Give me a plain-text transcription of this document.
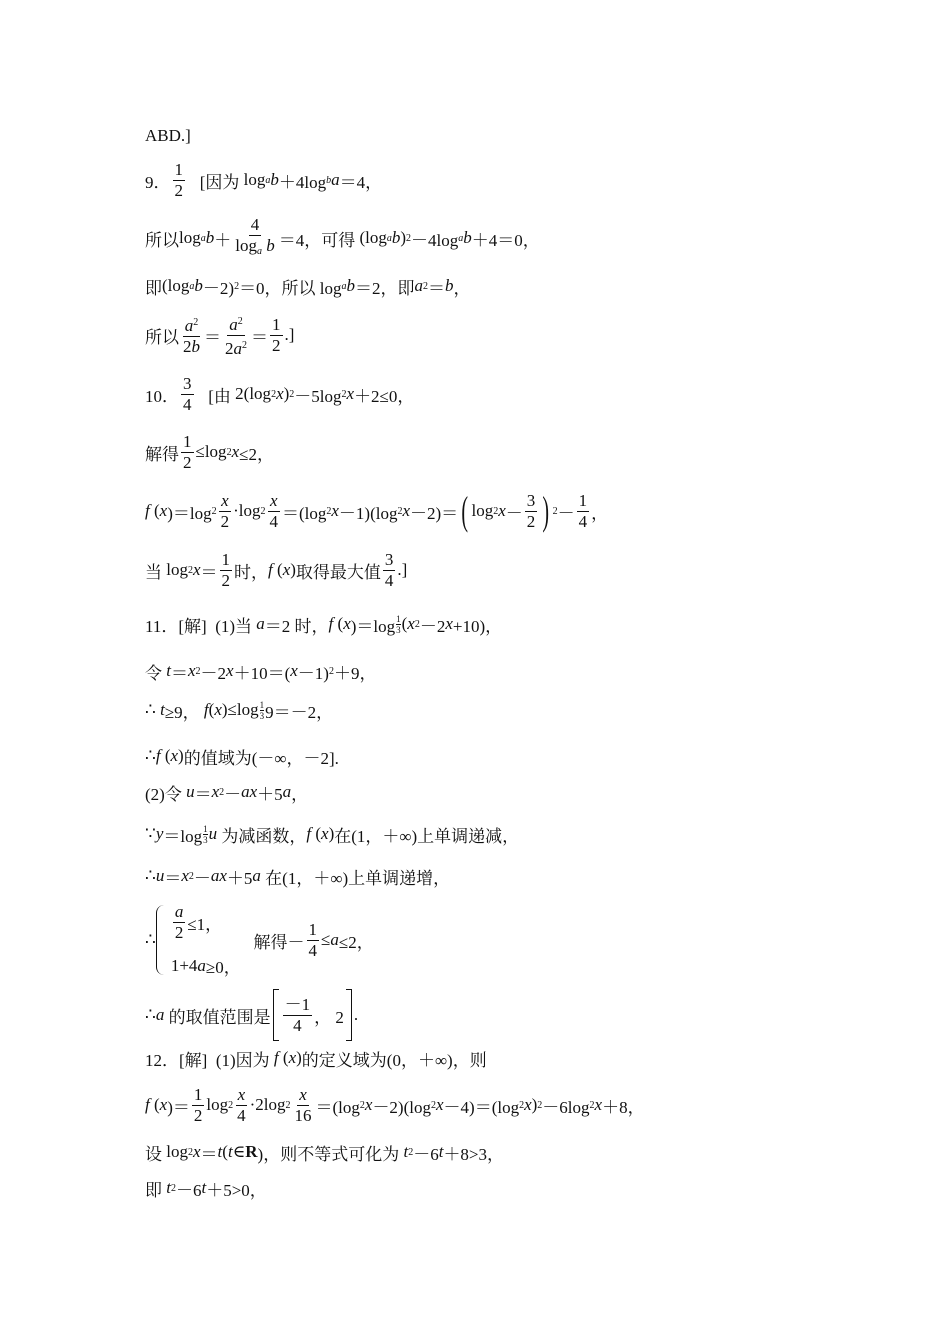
ABD.]
9． $\frac{1}{2}$
[因为 log a b ＋4log b a ＝4，
所以 log a $b + \frac{4}{\log_a b} =4$， 可得 (log a b ) 2 －4log a b ＋4＝0，
即 (log a b －2) 2 ＝0，所以 log a b ＝2，即 a 2 ＝ b ，
所以 $\frac{a^2}{2b} = \frac{a^2}{2a^2} = \frac{1}{2}$ .]
10． $\frac{3}{4}$
[由 2(log 2 x ) 2 －5log 2 x ＋2≤0，
解得 $\frac{1}{2} \le\log$ 2 x ≤2，
f ( x )＝log $2 \frac{x}{2} \cdot\log$ $2 \frac{x}{4} =(\log$ 2 x －1)(log 2 x －2)＝ ( log 2 $x - \frac{3}{2}$ ) $2 - \frac{1}{4}$ ，
当 log 2 $x = \frac{1}{2}$ 时， f ( x ) 取得最大值 $\frac{3}{4}$ .]
11．[解]
(1)当
a ＝2 时， f ( x )＝log 1
3 ( x 2 －2 x +10)，
令
t ＝ x 2 －2 x ＋10＝( x －1) 2 ＋9，
∴ t ≥9， f ( x )≤log 1
3 9＝－2，
∴ f ( x ) 的值域为(－∞，－2].
(2)令
u ＝ x 2 － ax ＋5 a ，
∵ y ＝log 1
3 u
为减函数， f ( x ) 在(1，＋∞)上单调递减，
∴ u ＝ x 2 － ax ＋5 a
在(1，＋∞)上单调递增，
∴ $\frac{a}{2} \le 1$，
1+4 a ≥0，

解得－ $\frac{1}{4} \le a \le 2$，
∴ a
的取值范围是 $\frac{-1}{4}$ ， 2 .
12．[解]
(1)因为
f ( x ) 的定义域为(0，＋∞)，则
f ( x )＝ $\frac{1}{2}$ $\log 2 \frac{x}{4} \cdot 2\log$ $2 \frac{x}{16} =(\log$ 2 x －2)(log 2 x －4)＝(log 2 x ) 2 －6log 2 x ＋8，
设 log 2 x ＝ t ( t ∈ R )， 则不等式可化为
t 2 －6 t ＋8>3，
即
t 2 －6 t ＋5>0，
